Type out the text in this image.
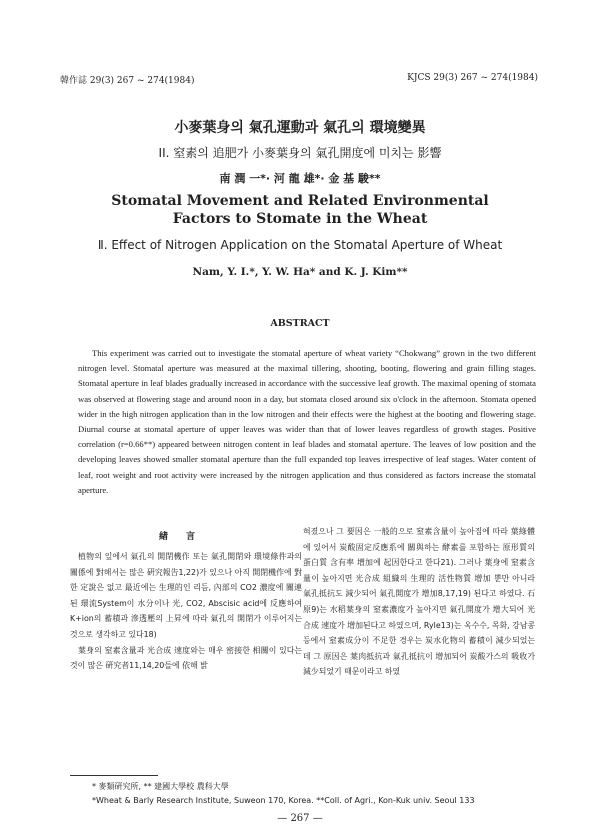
韓作誌 29(3) 267 ~ 274(1984)	KJCS 29(3) 267 ~ 274(1984)
小麥葉身의 氣孔運動과 氣孔의 環境變異
II. 窒素의 追肥가 小麥葉身의 氣孔開度에 미치는 影響
南 潤 一*· 河 龍 雄*· 金 基 駿**
Stomatal Movement and Related Environmental
Factors to Stomate in the Wheat
Ⅱ. Effect of Nitrogen Application on the Stomatal Aperture of Wheat
Nam, Y. I.*, Y. W. Ha* and K. J. Kim**
ABSTRACT

This experiment was carried out to investigate the stomatal aperture of wheat variety “Chokwang” grown in the two different nitrogen level. Stomatal aperture was measured at the maximal tillering, shooting, booting, flowering and grain filling stages. Stomatal aperture in leaf blades gradually increased in accordance with the successive leaf growth. The maximal opening of stomata was observed at flowering stage and around noon in a day, but stomata closed around six o'clock in the afternoon. Stomata opened wider in the high nitrogen application than in the low nitrogen and their effects were the highest at the booting and flowering stage. Diurnal course at stomatal aperture of upper leaves was wider than that of lower leaves regardless of growth stages. Positive correlation (r=0.66**) appeared between nitrogen content in leaf blades and stomatal aperture. The leaves of low position and the developing leaves showed smaller stomatal aperture than the full expanded top leaves irrespective of leaf stages. Water content of leaf, root weight and root activity were increased by the nitrogen application and thus considered as factors increase the stomatal aperture.

緖言

植物의 잎에서 氣孔의 開閉機作 또는 氣孔開閉와 環境條件과의 關係에 對해서는 많은 硏究報告1,22)가 있으나 아직 開閉機作에 對한 定說은 없고 最近에는 生理的인 리듬, 內部의 CO2 濃度에 關連된 環流System이 水分이나 光, CO2, Abscisic acid에 反應하여 K+ion의 蓄積과 滲透壓의 上昇에 따라 氣孔의 開閉가 이루어지는 것으로 생각하고 있다18)

葉身의 窒素含量과 光合成 速度와는 매우 密接한 相關이 있다는 것이 많은 硏究者11,14,20들에 依해 밝

혀졌으나 그 要因은 一般的으로 窒素含量이 높아짐에 따라 葉綠體에 있어서 炭酸固定反應系에 關與하는 酵素를 포함하는 原形質의 蛋白質 含有率 增加에 起因한다고 한다21). 그러나 葉身에 窒素含量이 높아지면 光合成 組織의 生理的 活性物質 增加 뿐만 아니라 氣孔抵抗도 減少되어 氣孔開度가 增加8,17,19) 된다고 하였다. 石原9)는 水稻葉身의 窒素濃度가 높아지면 氣孔開度가 增大되어 光合成 速度가 增加된다고 하였으며, Ryle13)는 옥수수, 목화, 강남콩 등에서 窒素成分이 不足한 경우는 炭水化物의 蓄積이 減少되었는데 그 原因은 葉肉抵抗과 氣孔抵抗이 增加되어 炭酸가스의 吸收가 減少되었기 때문이라고 하였

* 麥類硏究所, ** 建國大學校 農科大學
*Wheat & Barly Research Institute, Suweon 170, Korea. **Coll. of Agri., Kon-Kuk univ. Seoul 133
— 267 —
